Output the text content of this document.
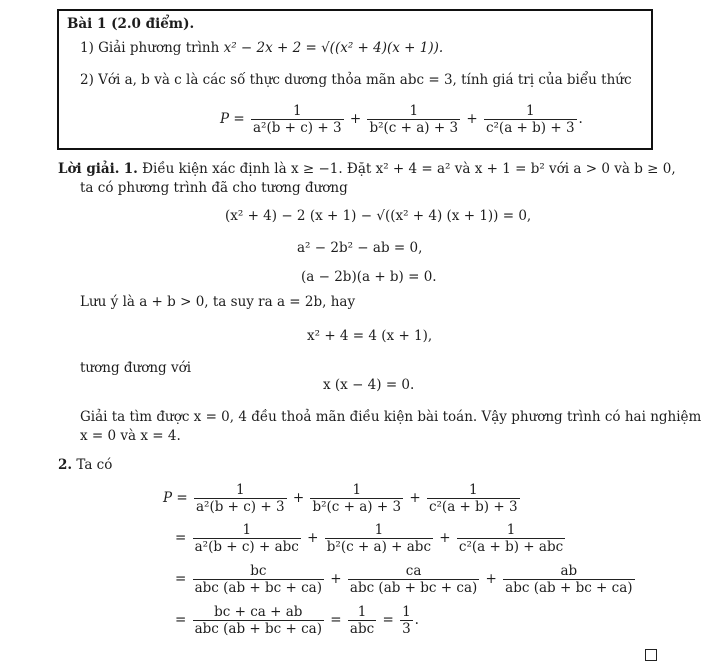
Bài 1 (2.0 điểm).
1) Giải phương trình x² − 2x + 2 = √((x² + 4)(x + 1)).
2) Với a, b và c là các số thực dương thỏa mãn abc = 3, tính giá trị của biểu thức
$P = \frac{1}{\text{a²(b + c) + 3}} + \frac{1}{\text{b²(c + a) + 3}} + \frac{1}{\text{c²(a + b) + 3}}$ .
Lời giải. 1. Điều kiện xác định là x ≥ −1. Đặt x² + 4 = a² và x + 1 = b² với a > 0 và b ≥ 0,
ta có phương trình đã cho tương đương
(x² + 4) − 2 (x + 1) − √((x² + 4) (x + 1)) = 0,
a² − 2b² − ab = 0,
(a − 2b)(a + b) = 0.
Lưu ý là a + b > 0, ta suy ra a = 2b, hay
x² + 4 = 4 (x + 1),
tương đương với
x (x − 4) = 0.
Giải ta tìm được x = 0, 4 đều thoả mãn điều kiện bài toán. Vậy phương trình có hai nghiệm
x = 0 và x = 4.
2. Ta có
$P = \frac{1}{\text{a²(b + c) + 3}} + \frac{1}{\text{b²(c + a) + 3}} + \frac{1}{\text{c²(a + b) + 3}}$
= $\frac{1}{\text{a²(b + c) + abc}} + \frac{1}{\text{b²(c + a) + abc}} + \frac{1}{\text{c²(a + b) + abc}}$
= $\frac{bc}{\text{abc (ab + bc + ca)}} + \frac{ca}{\text{abc (ab + bc + ca)}} + \frac{ab}{\text{abc (ab + bc + ca)}}$
= $\frac{bc + ca + ab}{\text{abc (ab + bc + ca)}} = \frac{1}{\text{abc}} = \frac{1}{3}$ .
